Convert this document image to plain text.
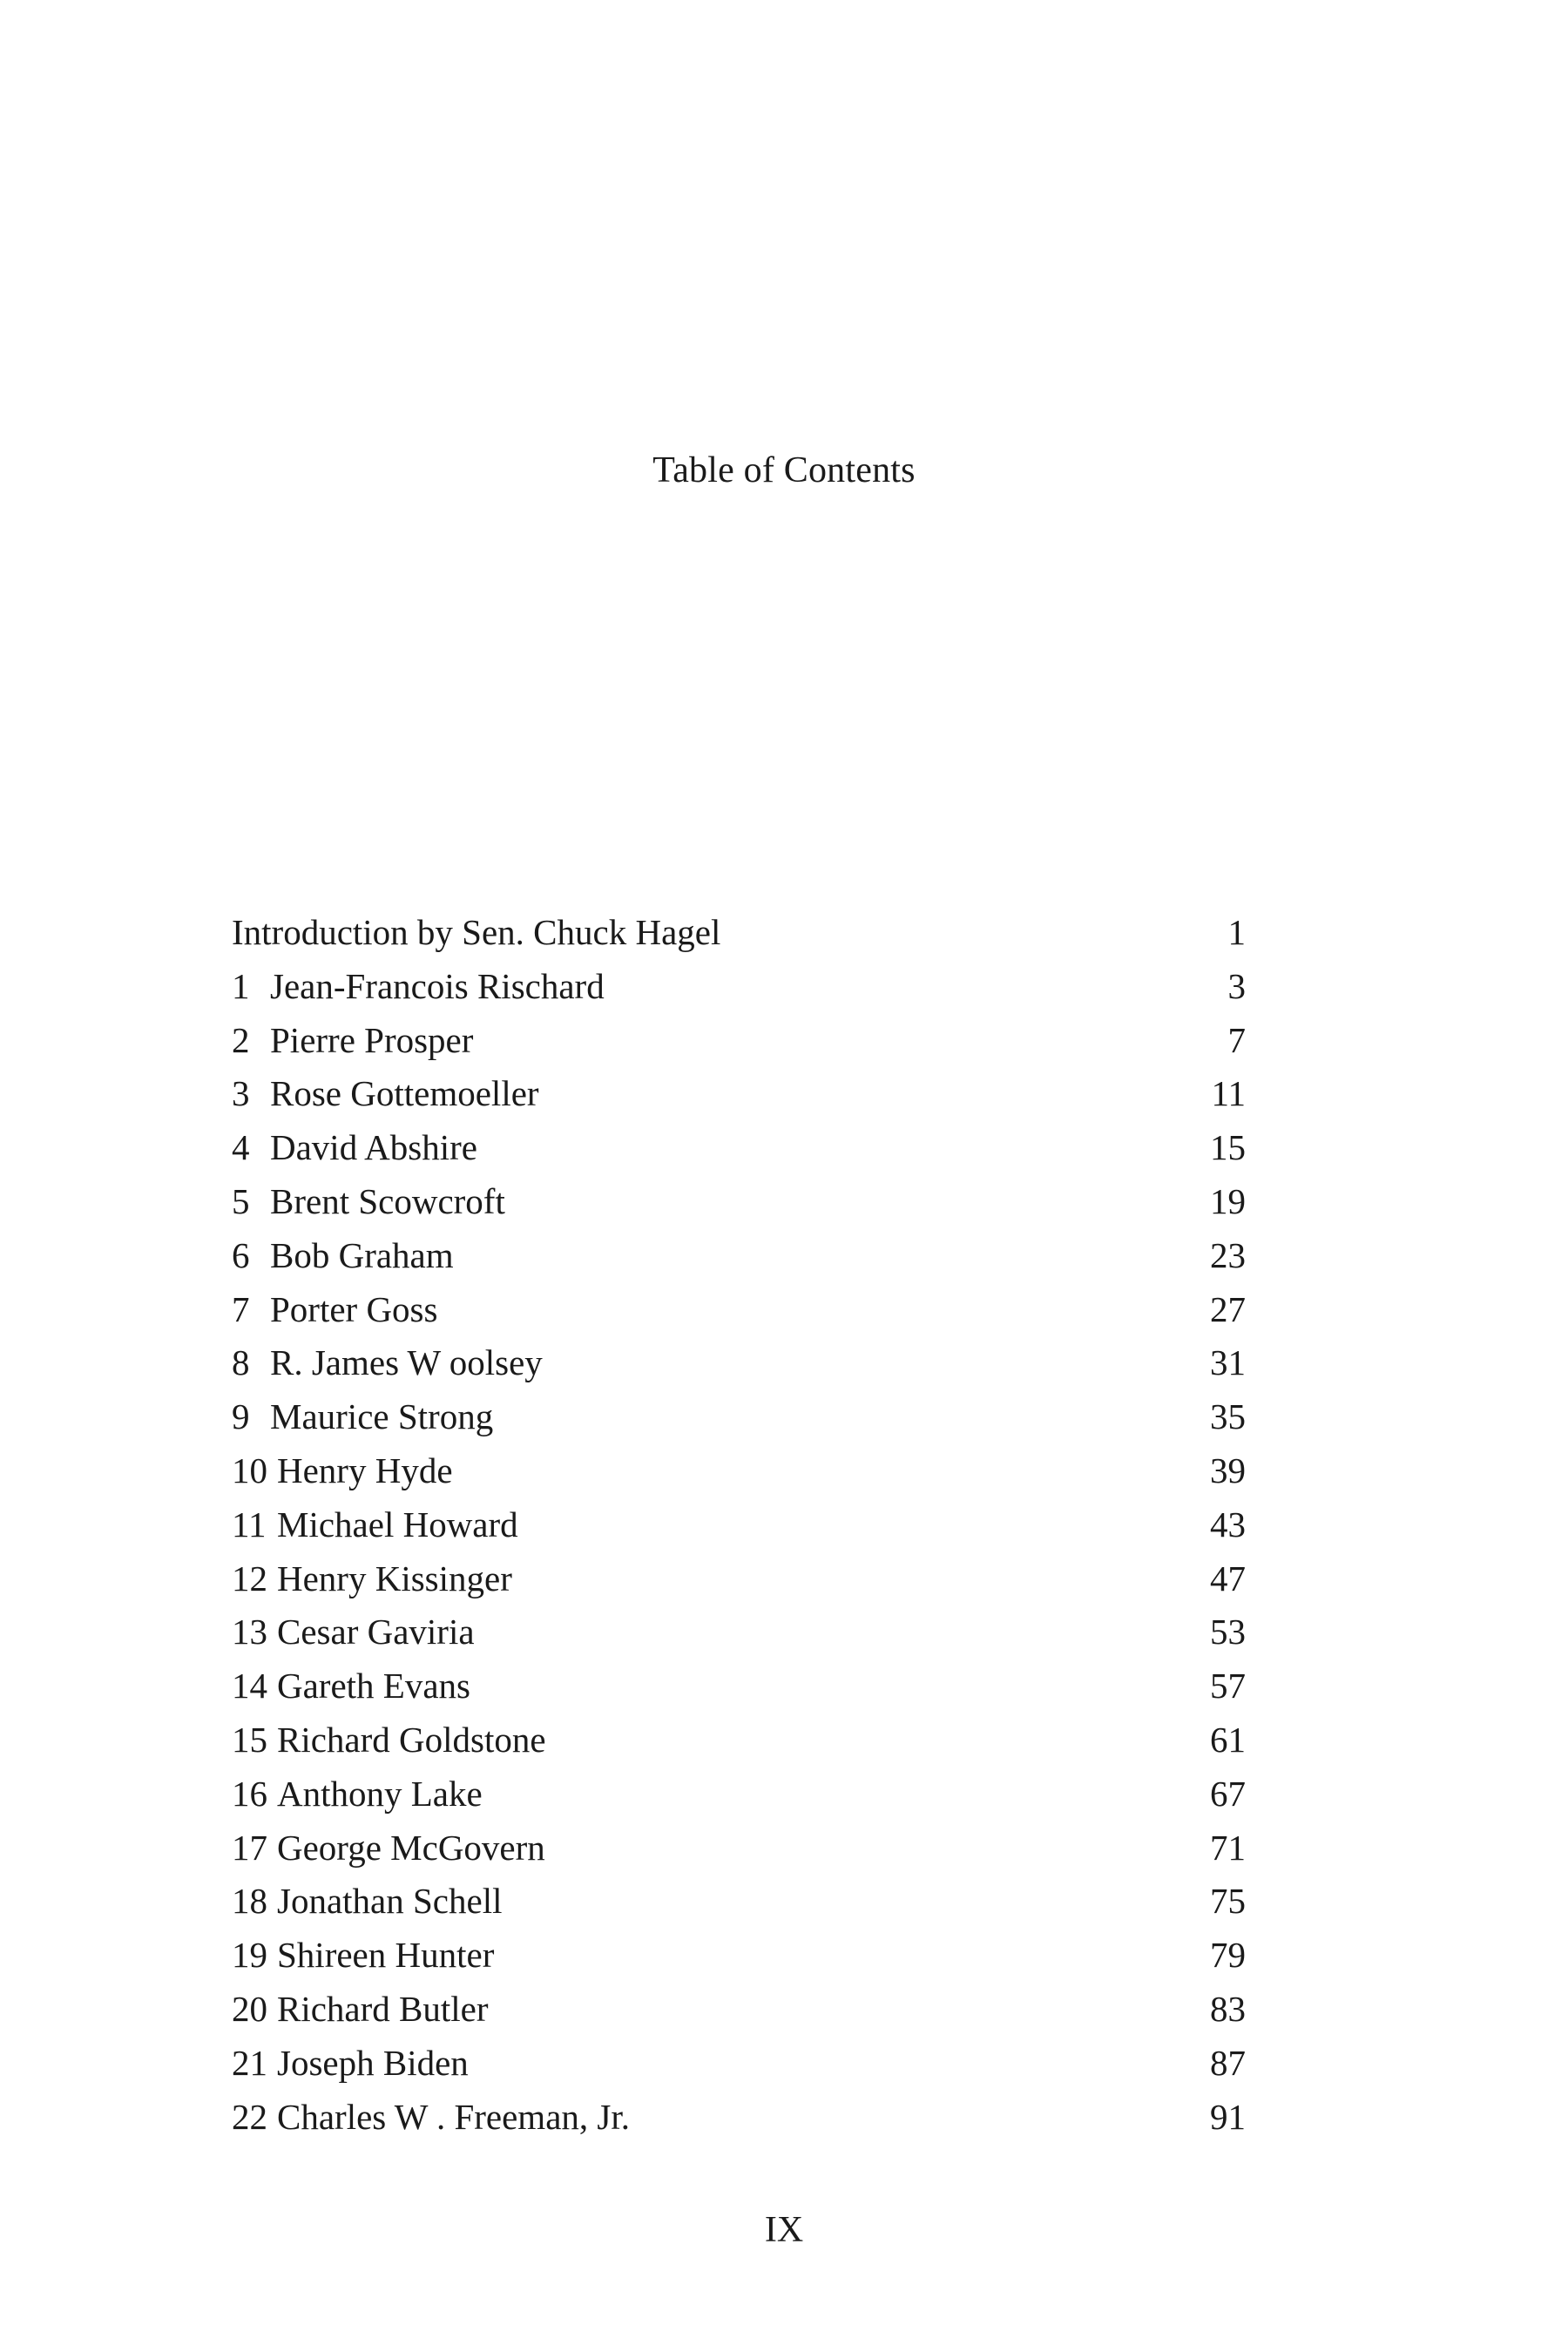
Table of Contents
Introduction by Sen. Chuck Hagel	1
1 Jean-Francois Rischard	3
2 Pierre Prosper	7
3 Rose Gottemoeller	11
4 David Abshire	15
5 Brent Scowcroft	19
6 Bob Graham	23
7 Porter Goss	27
8 R. James W oolsey	31
9 Maurice Strong	35
10 Henry Hyde	39
11 Michael Howard	43
12 Henry Kissinger	47
13 Cesar Gaviria	53
14 Gareth Evans	57
15 Richard Goldstone	61
16 Anthony Lake	67
17 George McGovern	71
18 Jonathan Schell	75
19 Shireen Hunter	79
20 Richard Butler	83
21 Joseph Biden	87
22 Charles W . Freeman, Jr.	91
IX
